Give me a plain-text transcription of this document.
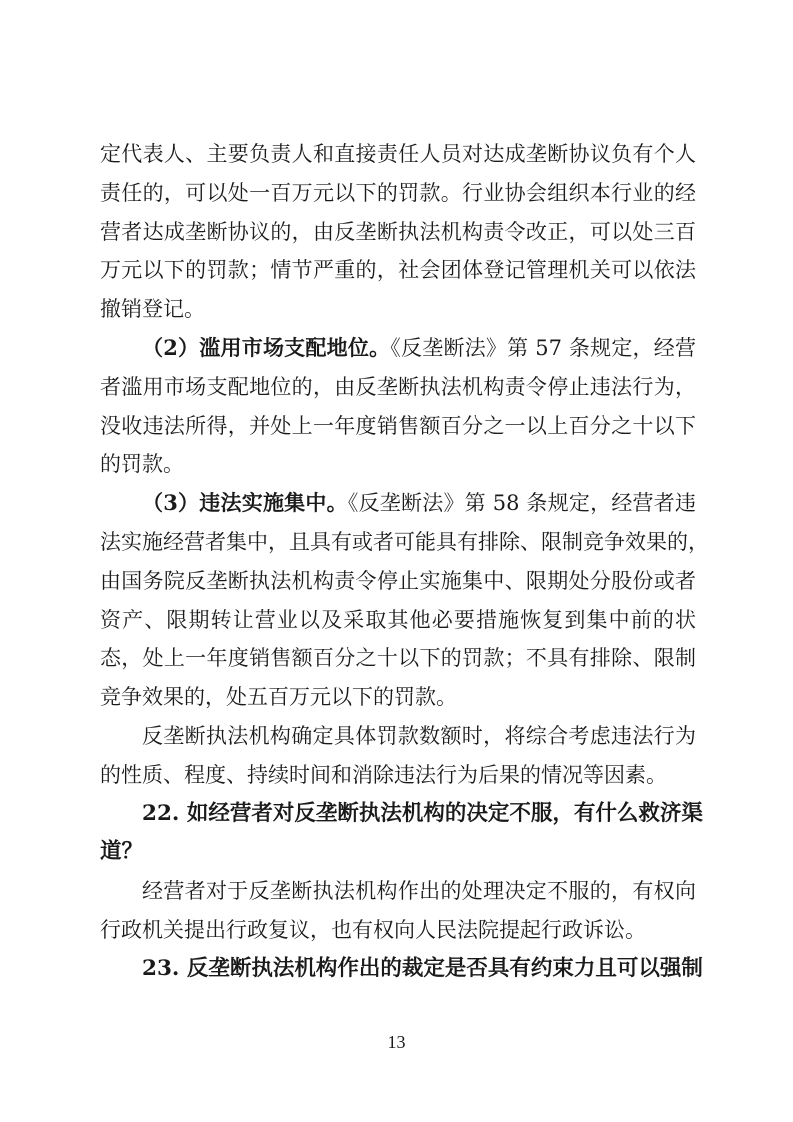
定代表人、主要负责人和直接责任人员对达成垄断协议负有个人
责任的，可以处一百万元以下的罚款。行业协会组织本行业的经
营者达成垄断协议的，由反垄断执法机构责令改正，可以处三百
万元以下的罚款；情节严重的，社会团体登记管理机关可以依法
撤销登记。
（2）滥用市场支配地位。《反垄断法》第 57 条规定，经营
者滥用市场支配地位的，由反垄断执法机构责令停止违法行为，
没收违法所得，并处上一年度销售额百分之一以上百分之十以下
的罚款。
（3）违法实施集中。《反垄断法》第 58 条规定，经营者违
法实施经营者集中，且具有或者可能具有排除、限制竞争效果的，
由国务院反垄断执法机构责令停止实施集中、限期处分股份或者
资产、限期转让营业以及采取其他必要措施恢复到集中前的状
态，处上一年度销售额百分之十以下的罚款；不具有排除、限制
竞争效果的，处五百万元以下的罚款。
反垄断执法机构确定具体罚款数额时，将综合考虑违法行为
的性质、程度、持续时间和消除违法行为后果的情况等因素。
22. 如经营者对反垄断执法机构的决定不服，有什么救济渠
道？
经营者对于反垄断执法机构作出的处理决定不服的，有权向
行政机关提出行政复议，也有权向人民法院提起行政诉讼。
23. 反垄断执法机构作出的裁定是否具有约束力且可以强制
13
